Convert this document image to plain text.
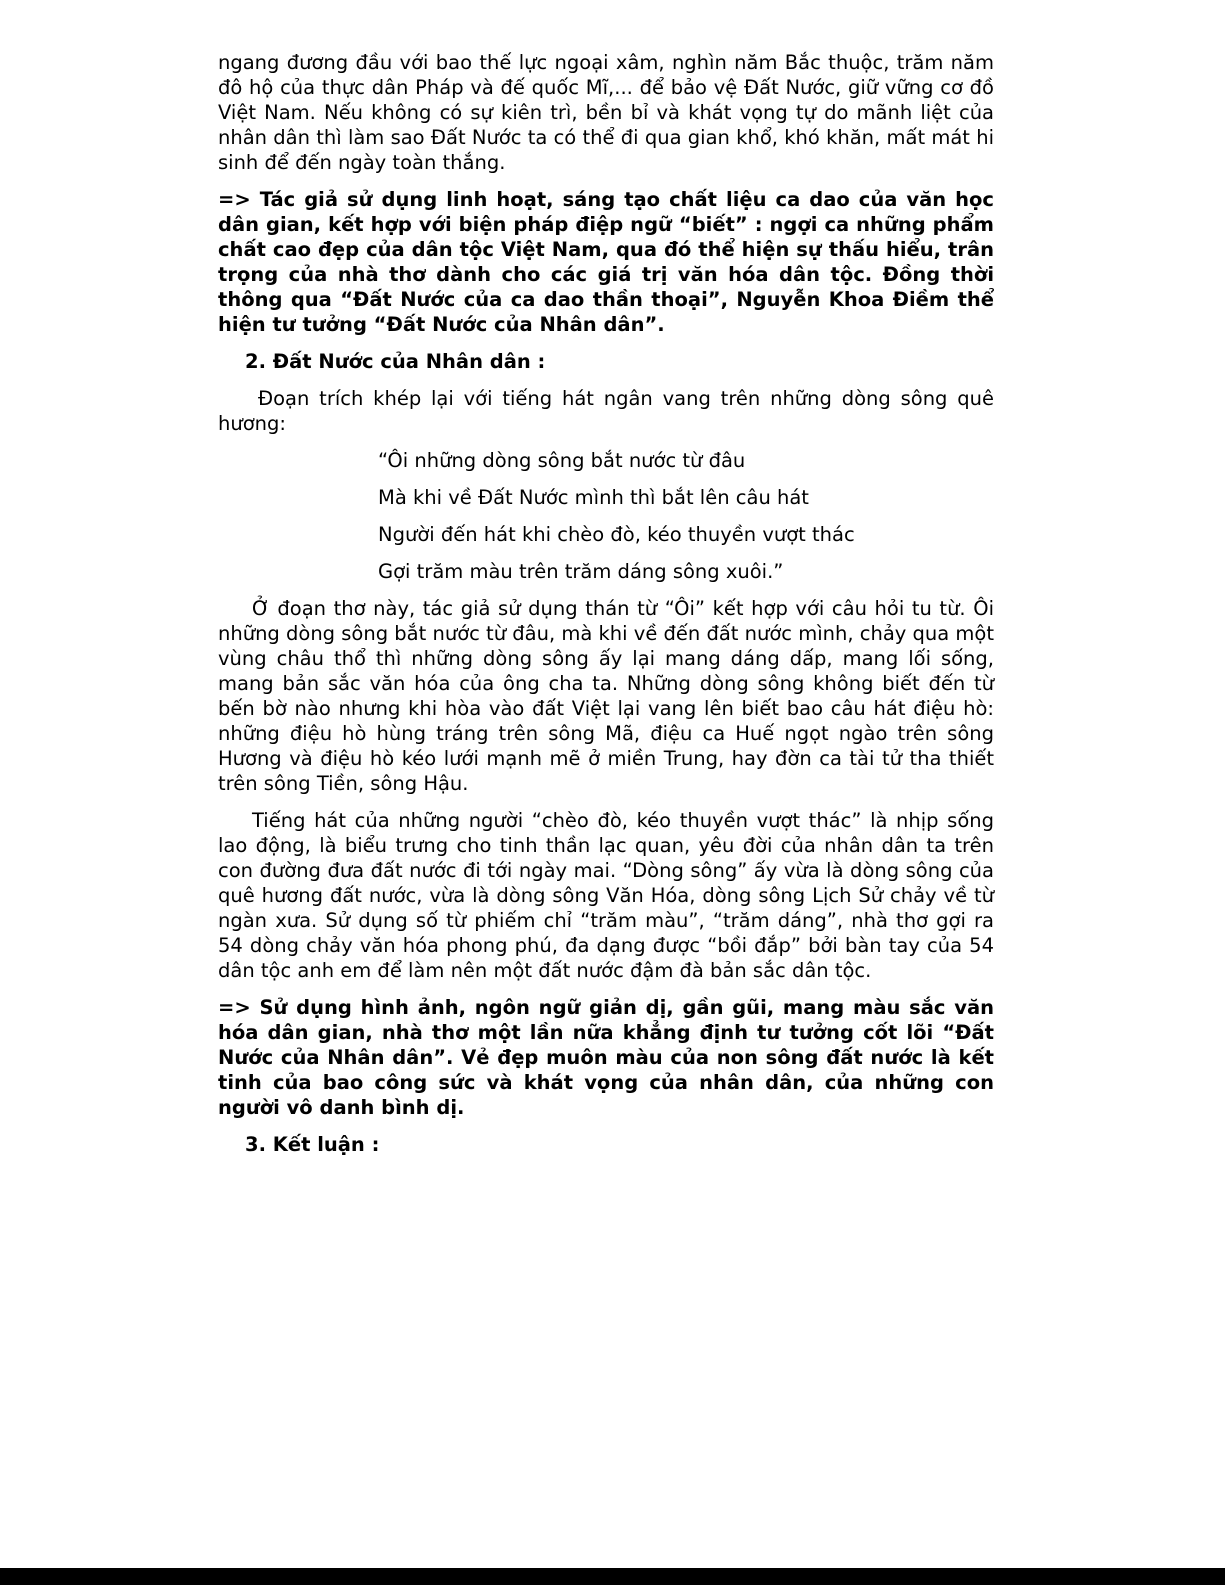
ngang đương đầu với bao thế lực ngoại xâm, nghìn năm Bắc thuộc, trăm năm đô hộ của thực dân Pháp và đế quốc Mĩ,... để bảo vệ Đất Nước, giữ vững cơ đồ Việt Nam. Nếu không có sự kiên trì, bền bỉ và khát vọng tự do mãnh liệt của nhân dân thì làm sao Đất Nước ta có thể đi qua gian khổ, khó khăn, mất mát hi sinh để đến ngày toàn thắng.

=> Tác giả sử dụng linh hoạt, sáng tạo chất liệu ca dao của văn học dân gian, kết hợp với biện pháp điệp ngữ “biết” : ngợi ca những phẩm chất cao đẹp của dân tộc Việt Nam, qua đó thể hiện sự thấu hiểu, trân trọng của nhà thơ dành cho các giá trị văn hóa dân tộc. Đồng thời thông qua “Đất Nước của ca dao thần thoại”, Nguyễn Khoa Điềm thể hiện tư tưởng “Đất Nước của Nhân dân”.

2. Đất Nước của Nhân dân :

Đoạn trích khép lại với tiếng hát ngân vang trên những dòng sông quê hương:

“Ôi những dòng sông bắt nước từ đâu

Mà khi về Đất Nước mình thì bắt lên câu hát

Người đến hát khi chèo đò, kéo thuyền vượt thác

Gợi trăm màu trên trăm dáng sông xuôi.”

Ở đoạn thơ này, tác giả sử dụng thán từ “Ôi” kết hợp với câu hỏi tu từ. Ôi những dòng sông bắt nước từ đâu, mà khi về đến đất nước mình, chảy qua một vùng châu thổ thì những dòng sông ấy lại mang dáng dấp, mang lối sống, mang bản sắc văn hóa của ông cha ta. Những dòng sông không biết đến từ bến bờ nào nhưng khi hòa vào đất Việt lại vang lên biết bao câu hát điệu hò: những điệu hò hùng tráng trên sông Mã, điệu ca Huế ngọt ngào trên sông Hương và điệu hò kéo lưới mạnh mẽ ở miền Trung, hay đờn ca tài tử tha thiết trên sông Tiền, sông Hậu.

Tiếng hát của những người “chèo đò, kéo thuyền vượt thác” là nhịp sống lao động, là biểu trưng cho tinh thần lạc quan, yêu đời của nhân dân ta trên con đường đưa đất nước đi tới ngày mai. “Dòng sông” ấy vừa là dòng sông của quê hương đất nước, vừa là dòng sông Văn Hóa, dòng sông Lịch Sử chảy về từ ngàn xưa. Sử dụng số từ phiếm chỉ “trăm màu”, “trăm dáng”, nhà thơ gợi ra 54 dòng chảy văn hóa phong phú, đa dạng được “bồi đắp” bởi bàn tay của 54 dân tộc anh em để làm nên một đất nước đậm đà bản sắc dân tộc.

=> Sử dụng hình ảnh, ngôn ngữ giản dị, gần gũi, mang màu sắc văn hóa dân gian, nhà thơ một lần nữa khẳng định tư tưởng cốt lõi “Đất Nước của Nhân dân”. Vẻ đẹp muôn màu của non sông đất nước là kết tinh của bao công sức và khát vọng của nhân dân, của những con người vô danh bình dị.

3. Kết luận :
